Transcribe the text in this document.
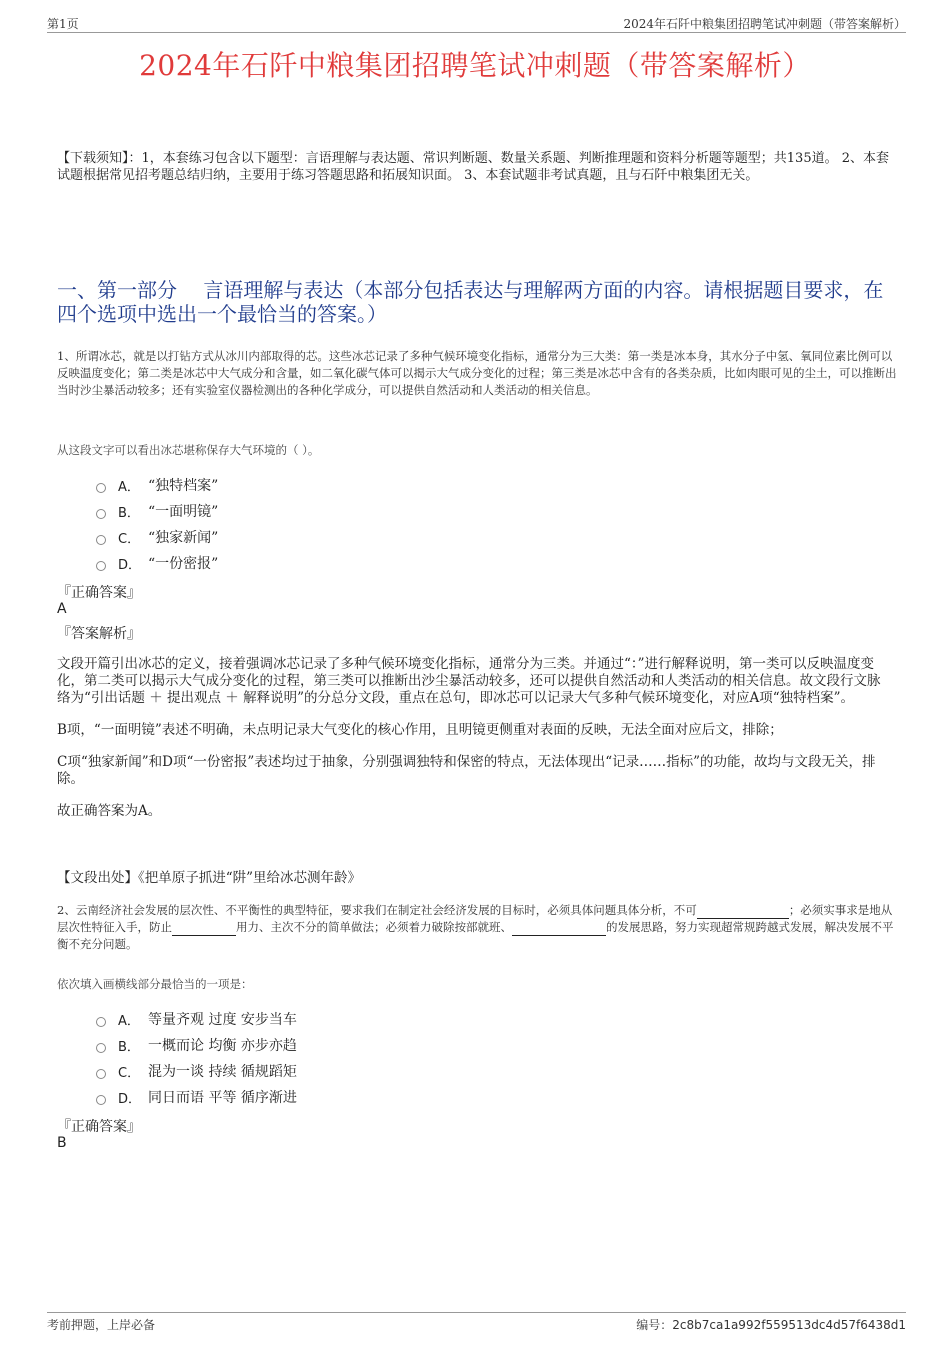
第1页	2024年石阡中粮集团招聘笔试冲刺题（带答案解析）
2024年石阡中粮集团招聘笔试冲刺题（带答案解析）
【下载须知】：1，本套练习包含以下题型：言语理解与表达题、常识判断题、数量关系题、判断推理题和资料分析题等题型；共135道。 2、本套试题根据常见招考题总结归纳，主要用于练习答题思路和拓展知识面。 3、本套试题非考试真题，且与石阡中粮集团无关。
一、第一部分　 言语理解与表达（本部分包括表达与理解两方面的内容。请根据题目要求，在四个选项中选出一个最恰当的答案。）
1、所谓冰芯，就是以打钻方式从冰川内部取得的芯。这些冰芯记录了多种气候环境变化指标，通常分为三大类：第一类是冰本身，其水分子中氢、氧同位素比例可以反映温度变化；第二类是冰芯中大气成分和含量，如二氧化碳气体可以揭示大气成分变化的过程；第三类是冰芯中含有的各类杂质，比如肉眼可见的尘土，可以推断出当时沙尘暴活动较多；还有实验室仪器检测出的各种化学成分，可以提供自然活动和人类活动的相关信息。
从这段文字可以看出冰芯堪称保存大气环境的（ ）。
A． “独特档案”
B． “一面明镜”
C． “独家新闻”
D． “一份密报”
『正确答案』
A
『答案解析』

文段开篇引出冰芯的定义，接着强调冰芯记录了多种气候环境变化指标，通常分为三类。并通过“：”进行解释说明，第一类可以反映温度变化，第二类可以揭示大气成分变化的过程，第三类可以推断出沙尘暴活动较多，还可以提供自然活动和人类活动的相关信息。故文段行文脉络为“引出话题 ＋ 提出观点 ＋ 解释说明”的分总分文段，重点在总句，即冰芯可以记录大气多种气候环境变化，对应A项“独特档案”。

B项，“一面明镜”表述不明确，未点明记录大气变化的核心作用，且明镜更侧重对表面的反映，无法全面对应后文，排除；

C项“独家新闻”和D项“一份密报”表述均过于抽象，分别强调独特和保密的特点，无法体现出“记录……指标”的功能，故均与文段无关，排除。

故正确答案为A。

【文段出处】《把单原子抓进“阱”里给冰芯测年龄》
2、云南经济社会发展的层次性、不平衡性的典型特征，要求我们在制定社会经济发展的目标时，必须具体问题具体分析，不可	；必须实事求是地从层次性特征入手，防止	用力、主次不分的简单做法；必须着力破除按部就班、	的发展思路，努力实现超常规跨越式发展，解决发展不平衡不充分问题。
依次填入画横线部分最恰当的一项是：
A． 等量齐观 过度 安步当车
B． 一概而论 均衡 亦步亦趋
C． 混为一谈 持续 循规蹈矩
D． 同日而语 平等 循序渐进
『正确答案』
B
考前押题，上岸必备	编号：2c8b7ca1a992f559513dc4d57f6438d1
